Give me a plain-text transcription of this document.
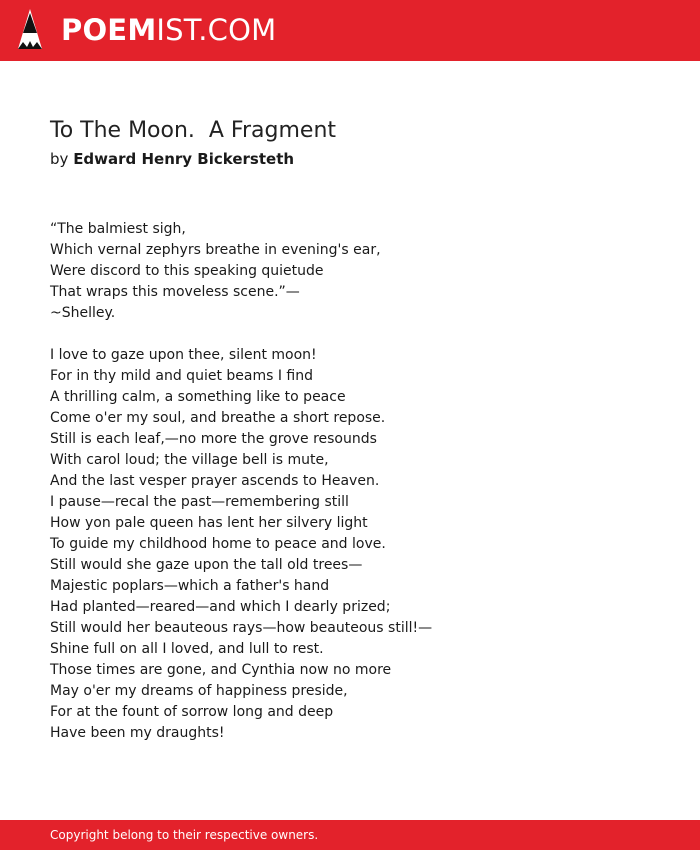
POEMIST.COM
To The Moon.  A Fragment
by Edward Henry Bickersteth
“The balmiest sigh,
Which vernal zephyrs breathe in evening's ear,
Were discord to this speaking quietude
That wraps this moveless scene.”—
~Shelley.
I love to gaze upon thee, silent moon!
For in thy mild and quiet beams I find
A thrilling calm, a something like to peace
Come o'er my soul, and breathe a short repose.
Still is each leaf,—no more the grove resounds
With carol loud; the village bell is mute,
And the last vesper prayer ascends to Heaven.
I pause—recal the past—remembering still
How yon pale queen has lent her silvery light
To guide my childhood home to peace and love.
Still would she gaze upon the tall old trees—
Majestic poplars—which a father's hand
Had planted—reared—and which I dearly prized;
Still would her beauteous rays—how beauteous still!—
Shine full on all I loved, and lull to rest.
Those times are gone, and Cynthia now no more
May o'er my dreams of happiness preside,
For at the fount of sorrow long and deep
Have been my draughts!
Copyright belong to their respective owners.
